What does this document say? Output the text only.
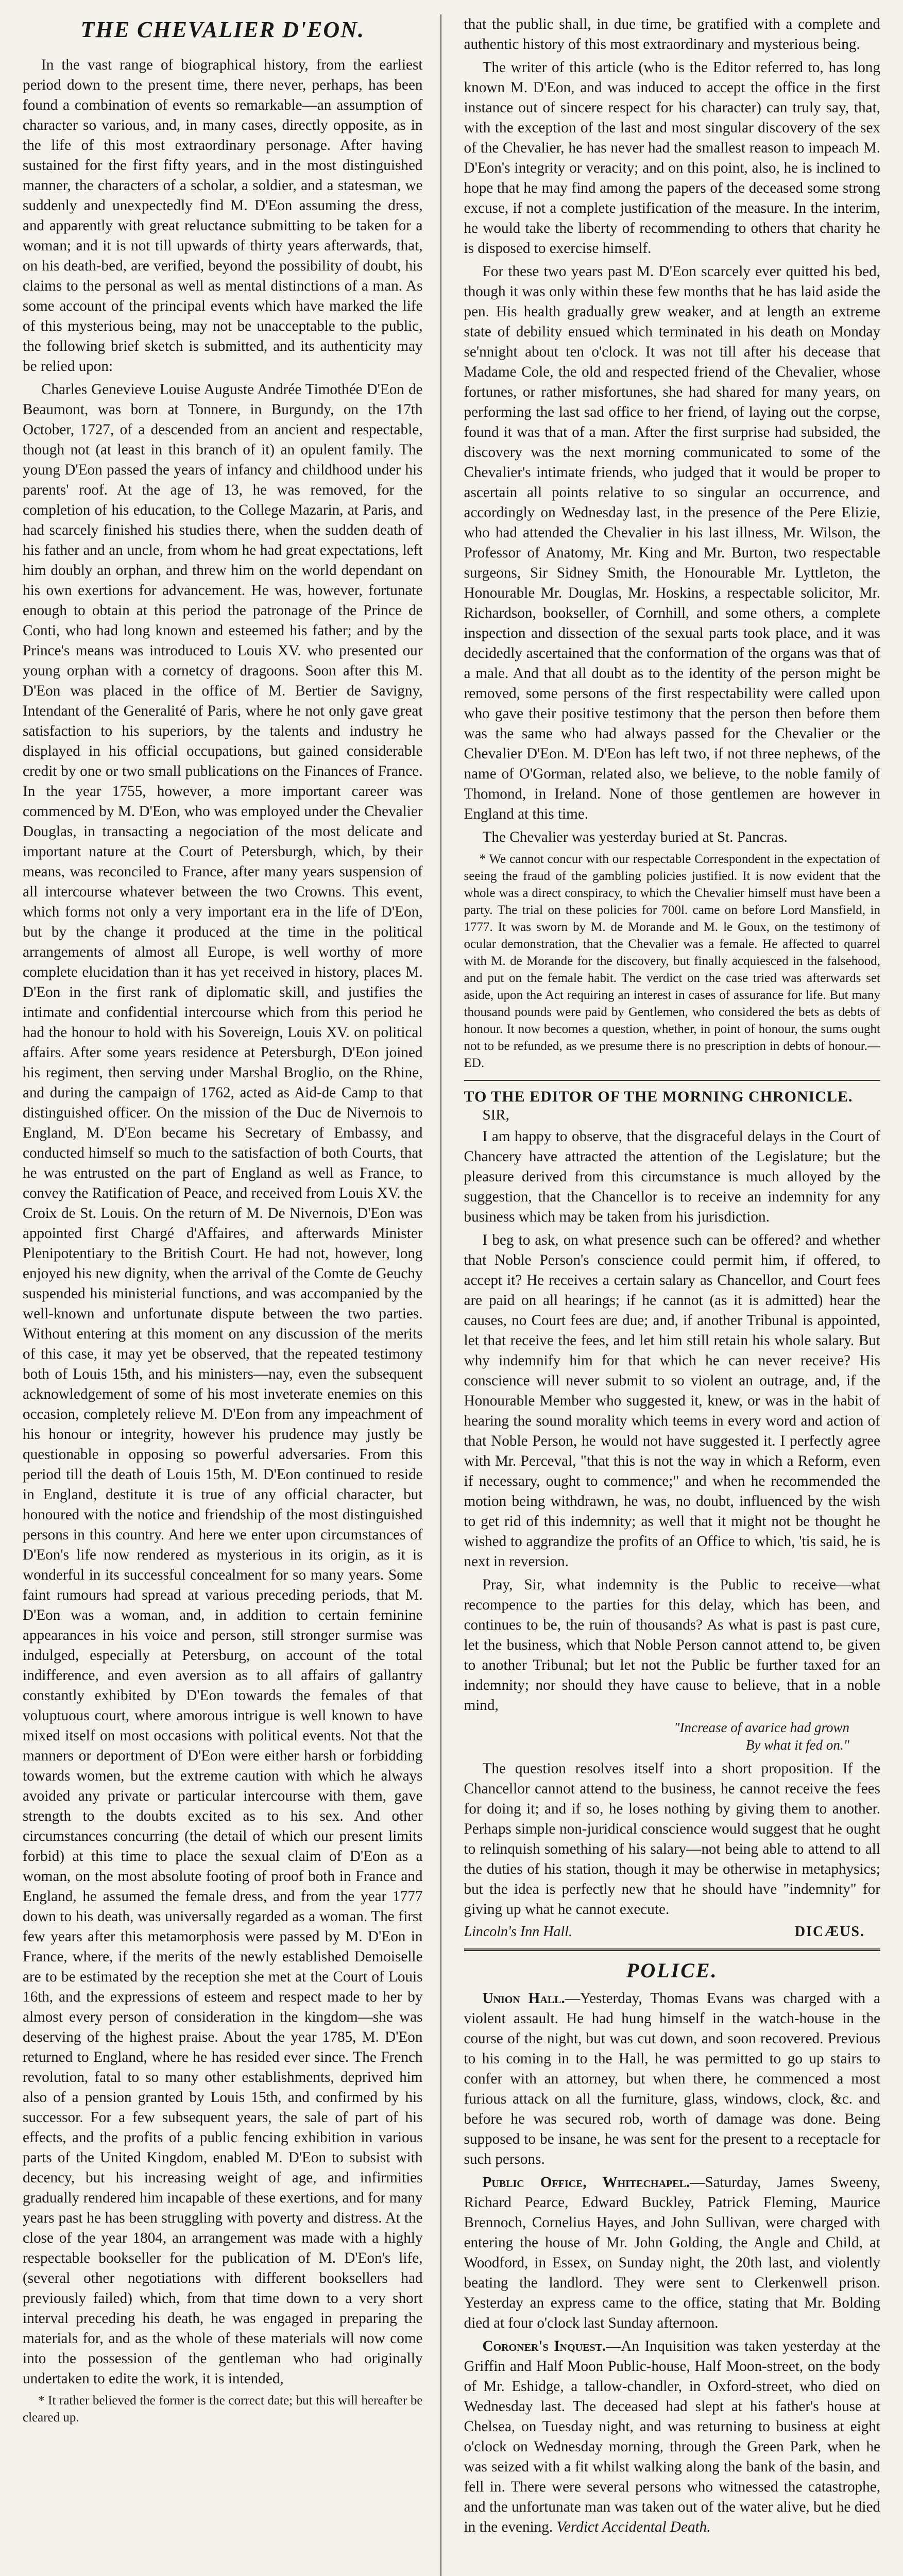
THE CHEVALIER D'EON.

In the vast range of biographical history, from the earliest period down to the present time, there never, perhaps, has been found a combination of events so remarkable—an assumption of character so various, and, in many cases, directly opposite, as in the life of this most extraordinary personage. After having sustained for the first fifty years, and in the most distinguished manner, the characters of a scholar, a soldier, and a statesman, we suddenly and unexpectedly find M. D'Eon assuming the dress, and apparently with great reluctance submitting to be taken for a woman; and it is not till upwards of thirty years afterwards, that, on his death-bed, are verified, beyond the possibility of doubt, his claims to the personal as well as mental distinctions of a man. As some account of the principal events which have marked the life of this mysterious being, may not be unacceptable to the public, the following brief sketch is submitted, and its authenticity may be relied upon:

Charles Genevieve Louise Auguste Andrée Timothée D'Eon de Beaumont, was born at Tonnere, in Burgundy, on the 17th October, 1727, of a descended from an ancient and respectable, though not (at least in this branch of it) an opulent family. The young D'Eon passed the years of infancy and childhood under his parents' roof. At the age of 13, he was removed, for the completion of his education, to the College Mazarin, at Paris, and had scarcely finished his studies there, when the sudden death of his father and an uncle, from whom he had great expectations, left him doubly an orphan, and threw him on the world dependant on his own exertions for advancement. He was, however, fortunate enough to obtain at this period the patronage of the Prince de Conti, who had long known and esteemed his father; and by the Prince's means was introduced to Louis XV. who presented our young orphan with a cornetcy of dragoons. Soon after this M. D'Eon was placed in the office of M. Bertier de Savigny, Intendant of the Generalité of Paris, where he not only gave great satisfaction to his superiors, by the talents and industry he displayed in his official occupations, but gained considerable credit by one or two small publications on the Finances of France. In the year 1755, however, a more important career was commenced by M. D'Eon, who was employed under the Chevalier Douglas, in transacting a negociation of the most delicate and important nature at the Court of Petersburgh, which, by their means, was reconciled to France, after many years suspension of all intercourse whatever between the two Crowns. This event, which forms not only a very important era in the life of D'Eon, but by the change it produced at the time in the political arrangements of almost all Europe, is well worthy of more complete elucidation than it has yet received in history, places M. D'Eon in the first rank of diplomatic skill, and justifies the intimate and confidential intercourse which from this period he had the honour to hold with his Sovereign, Louis XV. on political affairs. After some years residence at Petersburgh, D'Eon joined his regiment, then serving under Marshal Broglio, on the Rhine, and during the campaign of 1762, acted as Aid-de Camp to that distinguished officer. On the mission of the Duc de Nivernois to England, M. D'Eon became his Secretary of Embassy, and conducted himself so much to the satisfaction of both Courts, that he was entrusted on the part of England as well as France, to convey the Ratification of Peace, and received from Louis XV. the Croix de St. Louis. On the return of M. De Nivernois, D'Eon was appointed first Chargé d'Affaires, and afterwards Minister Plenipotentiary to the British Court. He had not, however, long enjoyed his new dignity, when the arrival of the Comte de Geuchy suspended his ministerial functions, and was accompanied by the well-known and unfortunate dispute between the two parties. Without entering at this moment on any discussion of the merits of this case, it may yet be observed, that the repeated testimony both of Louis 15th, and his ministers—nay, even the subsequent acknowledgement of some of his most inveterate enemies on this occasion, completely relieve M. D'Eon from any impeachment of his honour or integrity, however his prudence may justly be questionable in opposing so powerful adversaries. From this period till the death of Louis 15th, M. D'Eon continued to reside in England, destitute it is true of any official character, but honoured with the notice and friendship of the most distinguished persons in this country. And here we enter upon circumstances of D'Eon's life now rendered as mysterious in its origin, as it is wonderful in its successful concealment for so many years. Some faint rumours had spread at various preceding periods, that M. D'Eon was a woman, and, in addition to certain feminine appearances in his voice and person, still stronger surmise was indulged, especially at Petersburg, on account of the total indifference, and even aversion as to all affairs of gallantry constantly exhibited by D'Eon towards the females of that voluptuous court, where amorous intrigue is well known to have mixed itself on most occasions with political events. Not that the manners or deportment of D'Eon were either harsh or forbidding towards women, but the extreme caution with which he always avoided any private or particular intercourse with them, gave strength to the doubts excited as to his sex. And other circumstances concurring (the detail of which our present limits forbid) at this time to place the sexual claim of D'Eon as a woman, on the most absolute footing of proof both in France and England, he assumed the female dress, and from the year 1777 down to his death, was universally regarded as a woman. The first few years after this metamorphosis were passed by M. D'Eon in France, where, if the merits of the newly established Demoiselle are to be estimated by the reception she met at the Court of Louis 16th, and the expressions of esteem and respect made to her by almost every person of consideration in the kingdom—she was deserving of the highest praise. About the year 1785, M. D'Eon returned to England, where he has resided ever since. The French revolution, fatal to so many other establishments, deprived him also of a pension granted by Louis 15th, and confirmed by his successor. For a few subsequent years, the sale of part of his effects, and the profits of a public fencing exhibition in various parts of the United Kingdom, enabled M. D'Eon to subsist with decency, but his increasing weight of age, and infirmities gradually rendered him incapable of these exertions, and for many years past he has been struggling with poverty and distress. At the close of the year 1804, an arrangement was made with a highly respectable bookseller for the publication of M. D'Eon's life, (several other negotiations with different booksellers had previously failed) which, from that time down to a very short interval preceding his death, he was engaged in preparing the materials for, and as the whole of these materials will now come into the possession of the gentleman who had originally undertaken to edite the work, it is intended,

* It rather believed the former is the correct date; but this will hereafter be cleared up.

that the public shall, in due time, be gratified with a complete and authentic history of this most extraordinary and mysterious being.

The writer of this article (who is the Editor referred to, has long known M. D'Eon, and was induced to accept the office in the first instance out of sincere respect for his character) can truly say, that, with the exception of the last and most singular discovery of the sex of the Chevalier, he has never had the smallest reason to impeach M. D'Eon's integrity or veracity; and on this point, also, he is inclined to hope that he may find among the papers of the deceased some strong excuse, if not a complete justification of the measure. In the interim, he would take the liberty of recommending to others that charity he is disposed to exercise himself.

For these two years past M. D'Eon scarcely ever quitted his bed, though it was only within these few months that he has laid aside the pen. His health gradually grew weaker, and at length an extreme state of debility ensued which terminated in his death on Monday se'nnight about ten o'clock. It was not till after his decease that Madame Cole, the old and respected friend of the Chevalier, whose fortunes, or rather misfortunes, she had shared for many years, on performing the last sad office to her friend, of laying out the corpse, found it was that of a man. After the first surprise had subsided, the discovery was the next morning communicated to some of the Chevalier's intimate friends, who judged that it would be proper to ascertain all points relative to so singular an occurrence, and accordingly on Wednesday last, in the presence of the Pere Elizie, who had attended the Chevalier in his last illness, Mr. Wilson, the Professor of Anatomy, Mr. King and Mr. Burton, two respectable surgeons, Sir Sidney Smith, the Honourable Mr. Lyttleton, the Honourable Mr. Douglas, Mr. Hoskins, a respectable solicitor, Mr. Richardson, bookseller, of Cornhill, and some others, a complete inspection and dissection of the sexual parts took place, and it was decidedly ascertained that the conformation of the organs was that of a male. And that all doubt as to the identity of the person might be removed, some persons of the first respectability were called upon who gave their positive testimony that the person then before them was the same who had always passed for the Chevalier or the Chevalier D'Eon. M. D'Eon has left two, if not three nephews, of the name of O'Gorman, related also, we believe, to the noble family of Thomond, in Ireland. None of those gentlemen are however in England at this time.

The Chevalier was yesterday buried at St. Pancras.

* We cannot concur with our respectable Correspondent in the expectation of seeing the fraud of the gambling policies justified. It is now evident that the whole was a direct conspiracy, to which the Chevalier himself must have been a party. The trial on these policies for 700l. came on before Lord Mansfield, in 1777. It was sworn by M. de Morande and M. le Goux, on the testimony of ocular demonstration, that the Chevalier was a female. He affected to quarrel with M. de Morande for the discovery, but finally acquiesced in the falsehood, and put on the female habit. The verdict on the case tried was afterwards set aside, upon the Act requiring an interest in cases of assurance for life. But many thousand pounds were paid by Gentlemen, who considered the bets as debts of honour. It now becomes a question, whether, in point of honour, the sums ought not to be refunded, as we presume there is no prescription in debts of honour.—ED.

TO THE EDITOR OF THE MORNING CHRONICLE.
SIR,

I am happy to observe, that the disgraceful delays in the Court of Chancery have attracted the attention of the Legislature; but the pleasure derived from this circumstance is much alloyed by the suggestion, that the Chancellor is to receive an indemnity for any business which may be taken from his jurisdiction.

I beg to ask, on what presence such can be offered? and whether that Noble Person's conscience could permit him, if offered, to accept it? He receives a certain salary as Chancellor, and Court fees are paid on all hearings; if he cannot (as it is admitted) hear the causes, no Court fees are due; and, if another Tribunal is appointed, let that receive the fees, and let him still retain his whole salary. But why indemnify him for that which he can never receive? His conscience will never submit to so violent an outrage, and, if the Honourable Member who suggested it, knew, or was in the habit of hearing the sound morality which teems in every word and action of that Noble Person, he would not have suggested it. I perfectly agree with Mr. Perceval, "that this is not the way in which a Reform, even if necessary, ought to commence;" and when he recommended the motion being withdrawn, he was, no doubt, influenced by the wish to get rid of this indemnity; as well that it might not be thought he wished to aggrandize the profits of an Office to which, 'tis said, he is next in reversion.

Pray, Sir, what indemnity is the Public to receive—what recompence to the parties for this delay, which has been, and continues to be, the ruin of thousands? As what is past is past cure, let the business, which that Noble Person cannot attend to, be given to another Tribunal; but let not the Public be further taxed for an indemnity; nor should they have cause to believe, that in a noble mind,

"Increase of avarice had grown
By what it fed on."

The question resolves itself into a short proposition. If the Chancellor cannot attend to the business, he cannot receive the fees for doing it; and if so, he loses nothing by giving them to another. Perhaps simple non-juridical conscience would suggest that he ought to relinquish something of his salary—not being able to attend to all the duties of his station, though it may be otherwise in metaphysics; but the idea is perfectly new that he should have "indemnity" for giving up what he cannot execute.

Lincoln's Inn Hall.	DICÆUS.
POLICE.

Union Hall.—Yesterday, Thomas Evans was charged with a violent assault. He had hung himself in the watch-house in the course of the night, but was cut down, and soon recovered. Previous to his coming in to the Hall, he was permitted to go up stairs to confer with an attorney, but when there, he commenced a most furious attack on all the furniture, glass, windows, clock, &c. and before he was secured rob, worth of damage was done. Being supposed to be insane, he was sent for the present to a receptacle for such persons.

Public Office, Whitechapel.—Saturday, James Sweeny, Richard Pearce, Edward Buckley, Patrick Fleming, Maurice Brennoch, Cornelius Hayes, and John Sullivan, were charged with entering the house of Mr. John Golding, the Angle and Child, at Woodford, in Essex, on Sunday night, the 20th last, and violently beating the landlord. They were sent to Clerkenwell prison. Yesterday an express came to the office, stating that Mr. Bolding died at four o'clock last Sunday afternoon.

Coroner's Inquest.—An Inquisition was taken yesterday at the Griffin and Half Moon Public-house, Half Moon-street, on the body of Mr. Eshidge, a tallow-chandler, in Oxford-street, who died on Wednesday last. The deceased had slept at his father's house at Chelsea, on Tuesday night, and was returning to business at eight o'clock on Wednesday morning, through the Green Park, when he was seized with a fit whilst walking along the bank of the basin, and fell in. There were several persons who witnessed the catastrophe, and the unfortunate man was taken out of the water alive, but he died in the evening. Verdict Accidental Death.
